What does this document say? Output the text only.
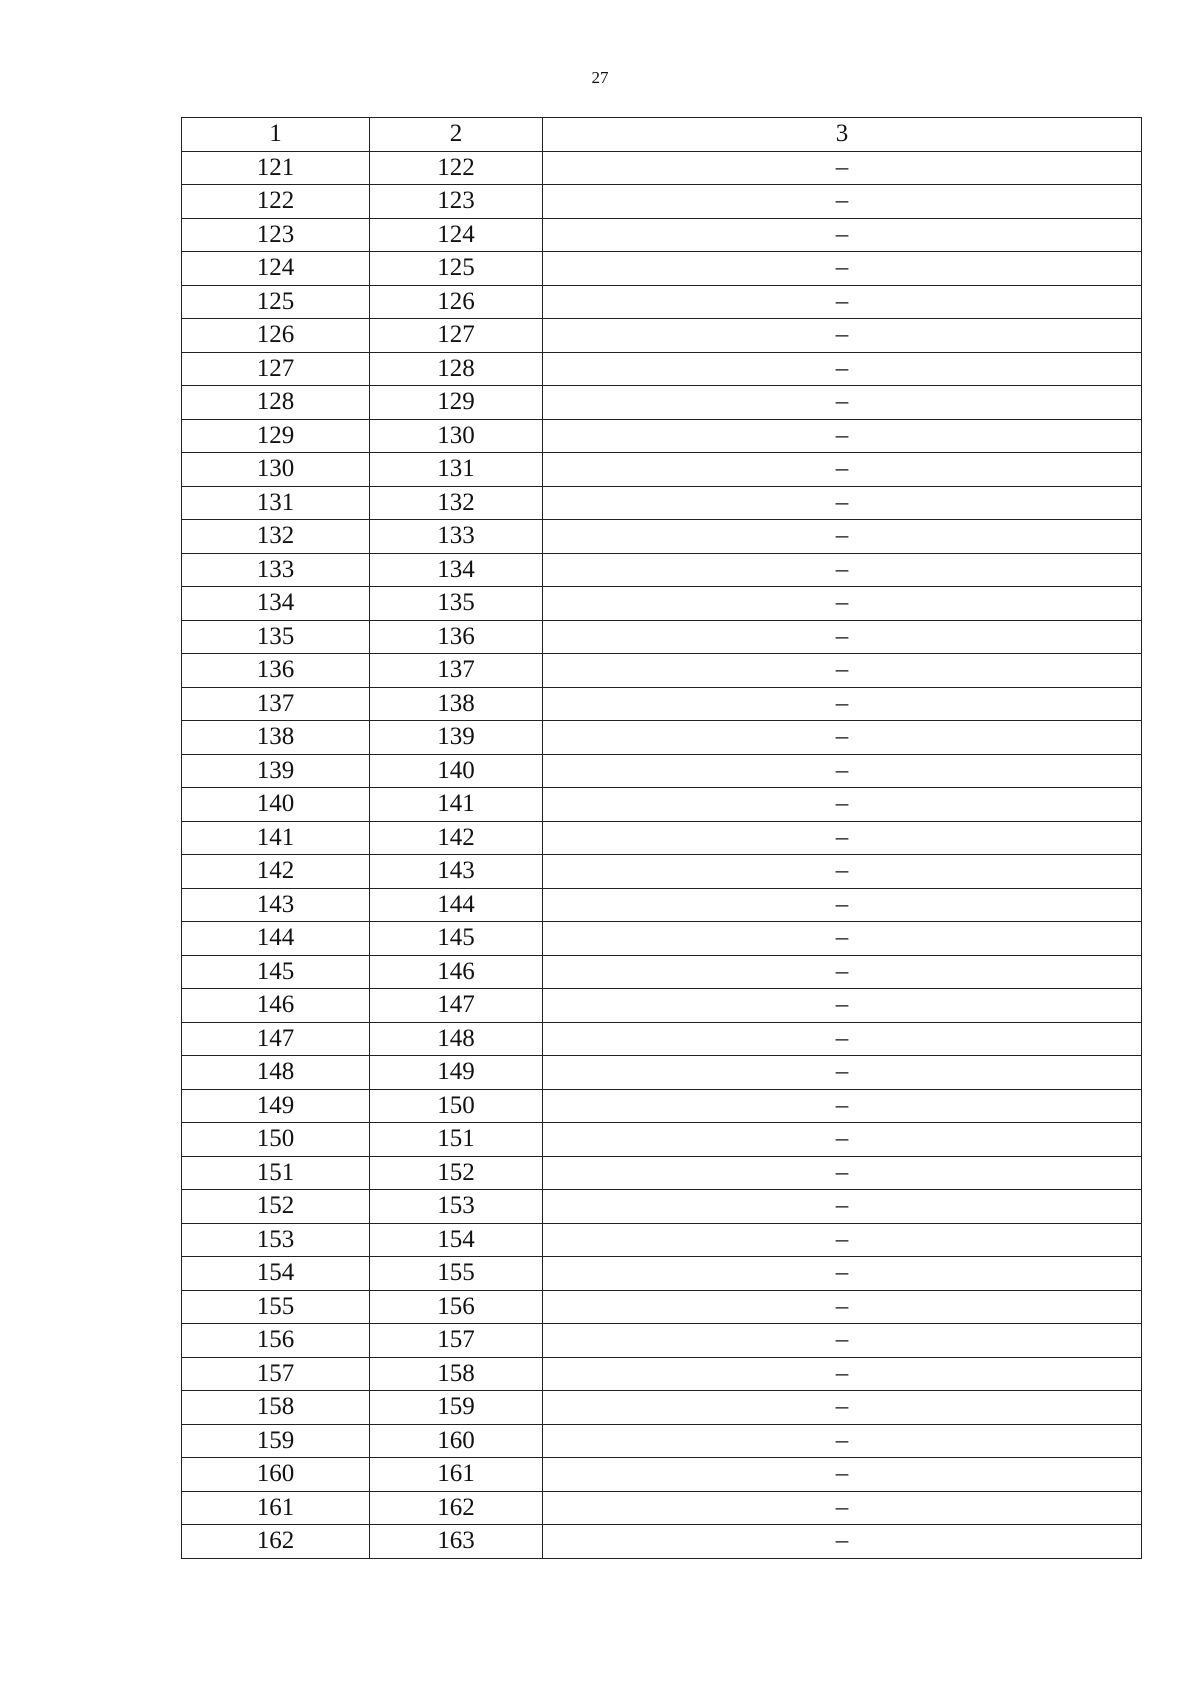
27
1	2	3
121	122	–
122	123	–
123	124	–
124	125	–
125	126	–
126	127	–
127	128	–
128	129	–
129	130	–
130	131	–
131	132	–
132	133	–
133	134	–
134	135	–
135	136	–
136	137	–
137	138	–
138	139	–
139	140	–
140	141	–
141	142	–
142	143	–
143	144	–
144	145	–
145	146	–
146	147	–
147	148	–
148	149	–
149	150	–
150	151	–
151	152	–
152	153	–
153	154	–
154	155	–
155	156	–
156	157	–
157	158	–
158	159	–
159	160	–
160	161	–
161	162	–
162	163	–
